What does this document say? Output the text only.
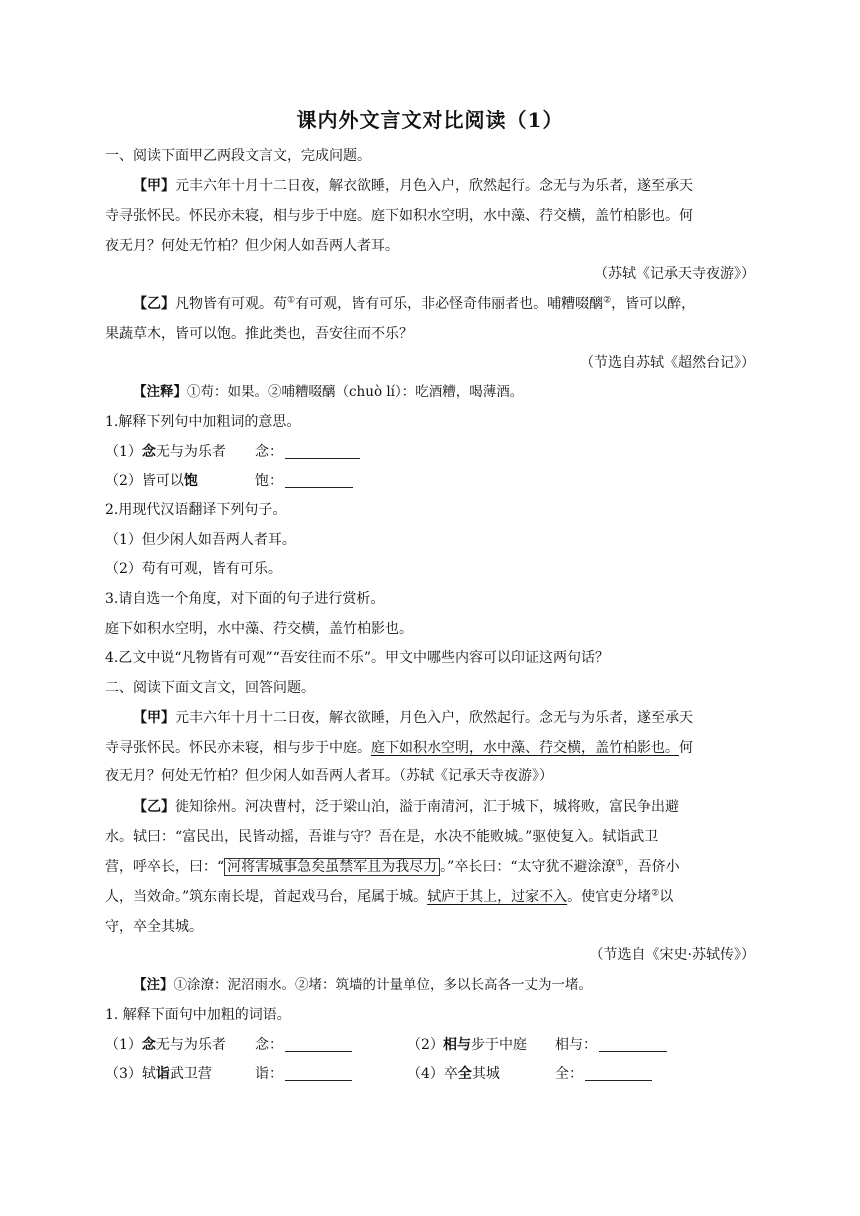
课内外文言文对比阅读（1）
一、阅读下面甲乙两段文言文，完成问题。
【甲】元丰六年十月十二日夜，解衣欲睡，月色入户，欣然起行。念无与为乐者，遂至承天
寺寻张怀民。怀民亦未寝，相与步于中庭。庭下如积水空明，水中藻、荇交横，盖竹柏影也。何
夜无月？何处无竹柏？但少闲人如吾两人者耳。
（苏轼《记承天寺夜游》）
【乙】凡物皆有可观。苟①有可观，皆有可乐，非必怪奇伟丽者也。哺糟啜醨②，皆可以醉，
果蔬草木，皆可以饱。推此类也，吾安往而不乐？
（节选自苏轼《超然台记》）
【注释】①苟：如果。②哺糟啜醨（chuò lí）：吃酒糟，喝薄酒。
1.解释下列句中加粗词的意思。
（1）念无与为乐者 念：
（2）皆可以饱	饱：
2.用现代汉语翻译下列句子。
（1）但少闲人如吾两人者耳。
（2）苟有可观，皆有可乐。
3.请自选一个角度，对下面的句子进行赏析。
庭下如积水空明，水中藻、荇交横，盖竹柏影也。
4.乙文中说“凡物皆有可观”“吾安往而不乐”。甲文中哪些内容可以印证这两句话？
二、阅读下面文言文，回答问题。
【甲】元丰六年十月十二日夜，解衣欲睡，月色入户，欣然起行。念无与为乐者，遂至承天
寺寻张怀民。怀民亦未寝，相与步于中庭。庭下如积水空明，水中藻、荇交横，盖竹柏影也。何
夜无月？何处无竹柏？但少闲人如吾两人者耳。（苏轼《记承天寺夜游》）
【乙】徙知徐州。河决曹村，泛于梁山泊，溢于南清河，汇于城下，城将败，富民争出避
水。轼曰：“富民出，民皆动摇，吾谁与守？吾在是，水决不能败城。”驱使复入。轼诣武卫
营，呼卒长，曰：“ 河将害城事急矣虽禁军且为我尽力 。”卒长曰：“太守犹不避涂潦①，吾侪小
人，当效命。”筑东南长堤，首起戏马台，尾属于城。轼庐于其上，过家不入。使官吏分堵②以
守，卒全其城。
（节选自《宋史·苏轼传》）
【注】①涂潦：泥沼雨水。②堵：筑墙的计量单位，多以长高各一丈为一堵。
1. 解释下面句中加粗的词语。
（1）念无与为乐者 念：	（2） 相与步于中庭 相与：
（3）轼诣武卫营	诣：	（4）卒全其城	全：
